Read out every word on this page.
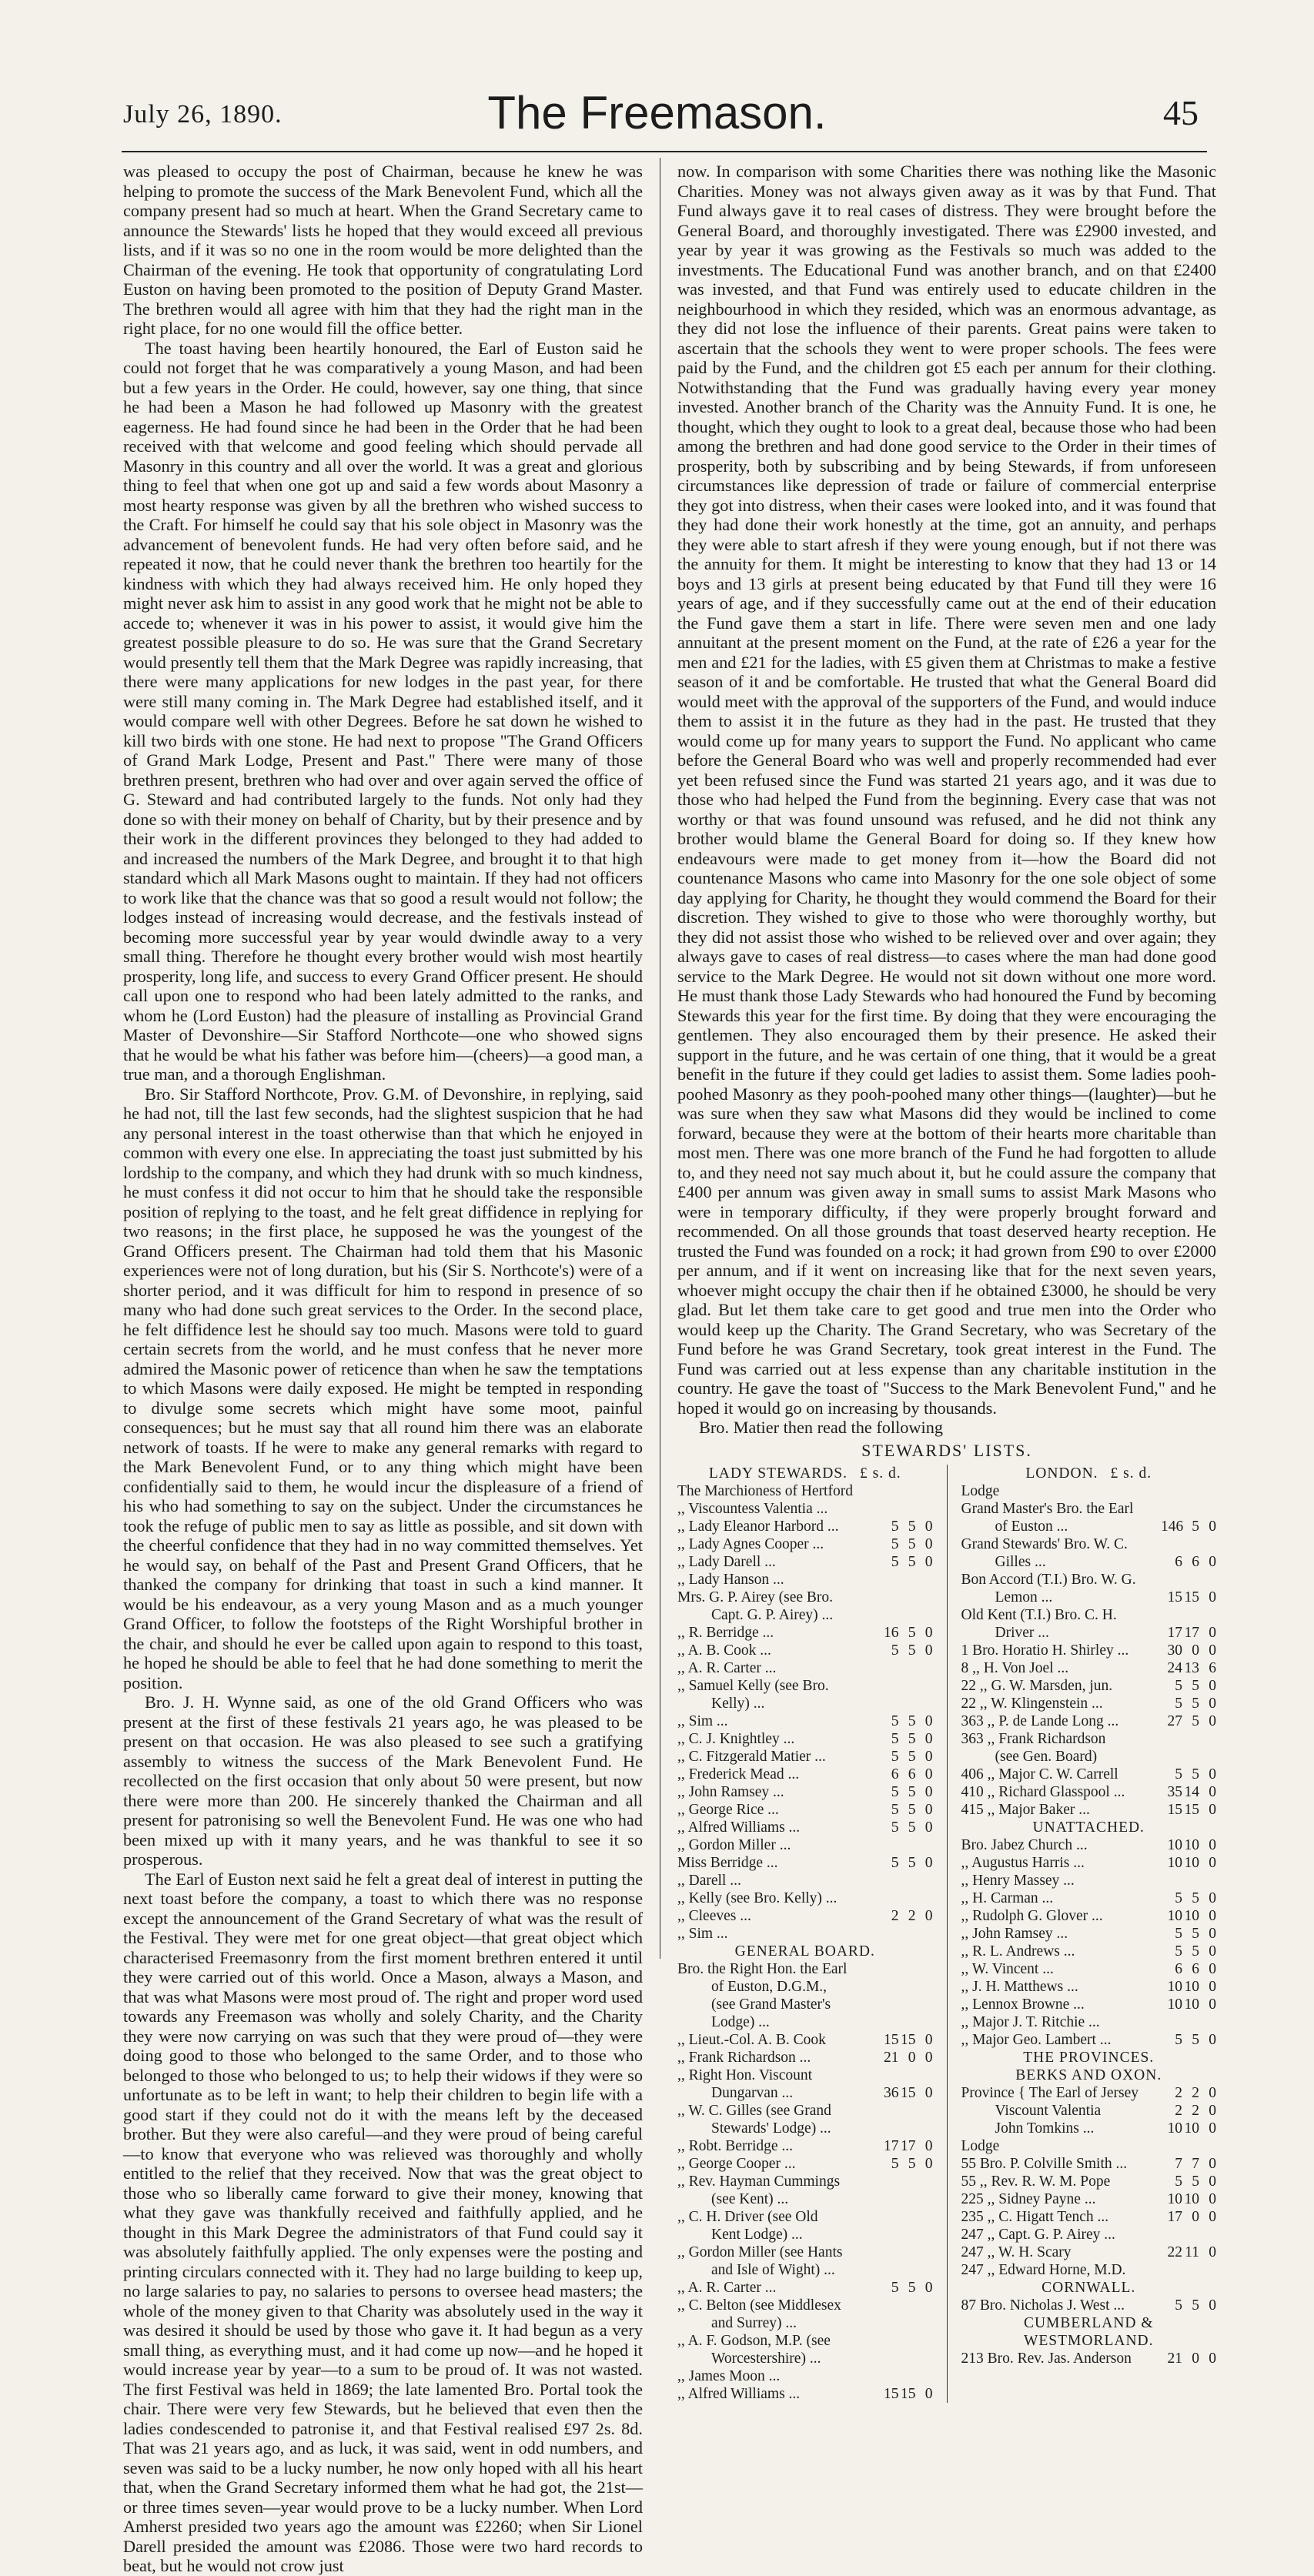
July 26, 1890.	The Freemason.	45

was pleased to occupy the post of Chairman, because he knew he was helping to promote the success of the Mark Benevolent Fund, which all the company present had so much at heart. When the Grand Secretary came to announce the Stewards' lists he hoped that they would exceed all previous lists, and if it was so no one in the room would be more delighted than the Chairman of the evening. He took that opportunity of congratulating Lord Euston on having been promoted to the position of Deputy Grand Master. The brethren would all agree with him that they had the right man in the right place, for no one would fill the office better.

The toast having been heartily honoured, the Earl of Euston said he could not forget that he was comparatively a young Mason, and had been but a few years in the Order. He could, however, say one thing, that since he had been a Mason he had followed up Masonry with the greatest eagerness. He had found since he had been in the Order that he had been received with that welcome and good feeling which should pervade all Masonry in this country and all over the world. It was a great and glorious thing to feel that when one got up and said a few words about Masonry a most hearty response was given by all the brethren who wished success to the Craft. For himself he could say that his sole object in Masonry was the advancement of benevolent funds. He had very often before said, and he repeated it now, that he could never thank the brethren too heartily for the kindness with which they had always received him. He only hoped they might never ask him to assist in any good work that he might not be able to accede to; whenever it was in his power to assist, it would give him the greatest possible pleasure to do so. He was sure that the Grand Secretary would presently tell them that the Mark Degree was rapidly increasing, that there were many applications for new lodges in the past year, for there were still many coming in. The Mark Degree had established itself, and it would compare well with other Degrees. Before he sat down he wished to kill two birds with one stone. He had next to propose "The Grand Officers of Grand Mark Lodge, Present and Past." There were many of those brethren present, brethren who had over and over again served the office of G. Steward and had contributed largely to the funds. Not only had they done so with their money on behalf of Charity, but by their presence and by their work in the different provinces they belonged to they had added to and increased the numbers of the Mark Degree, and brought it to that high standard which all Mark Masons ought to maintain. If they had not officers to work like that the chance was that so good a result would not follow; the lodges instead of increasing would decrease, and the festivals instead of becoming more successful year by year would dwindle away to a very small thing. Therefore he thought every brother would wish most heartily prosperity, long life, and success to every Grand Officer present. He should call upon one to respond who had been lately admitted to the ranks, and whom he (Lord Euston) had the pleasure of installing as Provincial Grand Master of Devonshire—Sir Stafford Northcote—one who showed signs that he would be what his father was before him—(cheers)—a good man, a true man, and a thorough Englishman.

Bro. Sir Stafford Northcote, Prov. G.M. of Devonshire, in replying, said he had not, till the last few seconds, had the slightest suspicion that he had any personal interest in the toast otherwise than that which he enjoyed in common with every one else. In appreciating the toast just submitted by his lordship to the company, and which they had drunk with so much kindness, he must confess it did not occur to him that he should take the responsible position of replying to the toast, and he felt great diffidence in replying for two reasons; in the first place, he supposed he was the youngest of the Grand Officers present. The Chairman had told them that his Masonic experiences were not of long duration, but his (Sir S. Northcote's) were of a shorter period, and it was difficult for him to respond in presence of so many who had done such great services to the Order. In the second place, he felt diffidence lest he should say too much. Masons were told to guard certain secrets from the world, and he must confess that he never more admired the Masonic power of reticence than when he saw the temptations to which Masons were daily exposed. He might be tempted in responding to divulge some secrets which might have some moot, painful consequences; but he must say that all round him there was an elaborate network of toasts. If he were to make any general remarks with regard to the Mark Benevolent Fund, or to any thing which might have been confidentially said to them, he would incur the displeasure of a friend of his who had something to say on the subject. Under the circumstances he took the refuge of public men to say as little as possible, and sit down with the cheerful confidence that they had in no way committed themselves. Yet he would say, on behalf of the Past and Present Grand Officers, that he thanked the company for drinking that toast in such a kind manner. It would be his endeavour, as a very young Mason and as a much younger Grand Officer, to follow the footsteps of the Right Worshipful brother in the chair, and should he ever be called upon again to respond to this toast, he hoped he should be able to feel that he had done something to merit the position.

Bro. J. H. Wynne said, as one of the old Grand Officers who was present at the first of these festivals 21 years ago, he was pleased to be present on that occasion. He was also pleased to see such a gratifying assembly to witness the success of the Mark Benevolent Fund. He recollected on the first occasion that only about 50 were present, but now there were more than 200. He sincerely thanked the Chairman and all present for patronising so well the Benevolent Fund. He was one who had been mixed up with it many years, and he was thankful to see it so prosperous.

The Earl of Euston next said he felt a great deal of interest in putting the next toast before the company, a toast to which there was no response except the announcement of the Grand Secretary of what was the result of the Festival. They were met for one great object—that great object which characterised Freemasonry from the first moment brethren entered it until they were carried out of this world. Once a Mason, always a Mason, and that was what Masons were most proud of. The right and proper word used towards any Freemason was wholly and solely Charity, and the Charity they were now carrying on was such that they were proud of—they were doing good to those who belonged to the same Order, and to those who belonged to those who belonged to us; to help their widows if they were so unfortunate as to be left in want; to help their children to begin life with a good start if they could not do it with the means left by the deceased brother. But they were also careful—and they were proud of being careful—to know that everyone who was relieved was thoroughly and wholly entitled to the relief that they received. Now that was the great object to those who so liberally came forward to give their money, knowing that what they gave was thankfully received and faithfully applied, and he thought in this Mark Degree the administrators of that Fund could say it was absolutely faithfully applied. The only expenses were the posting and printing circulars connected with it. They had no large building to keep up, no large salaries to pay, no salaries to persons to oversee head masters; the whole of the money given to that Charity was absolutely used in the way it was desired it should be used by those who gave it. It had begun as a very small thing, as everything must, and it had come up now—and he hoped it would increase year by year—to a sum to be proud of. It was not wasted. The first Festival was held in 1869; the late lamented Bro. Portal took the chair. There were very few Stewards, but he believed that even then the ladies condescended to patronise it, and that Festival realised £97 2s. 8d. That was 21 years ago, and as luck, it was said, went in odd numbers, and seven was said to be a lucky number, he now only hoped with all his heart that, when the Grand Secretary informed them what he had got, the 21st—or three times seven—year would prove to be a lucky number. When Lord Amherst presided two years ago the amount was £2260; when Sir Lionel Darell presided the amount was £2086. Those were two hard records to beat, but he would not crow just

now. In comparison with some Charities there was nothing like the Masonic Charities. Money was not always given away as it was by that Fund. That Fund always gave it to real cases of distress. They were brought before the General Board, and thoroughly investigated. There was £2900 invested, and year by year it was growing as the Festivals so much was added to the investments. The Educational Fund was another branch, and on that £2400 was invested, and that Fund was entirely used to educate children in the neighbourhood in which they resided, which was an enormous advantage, as they did not lose the influence of their parents. Great pains were taken to ascertain that the schools they went to were proper schools. The fees were paid by the Fund, and the children got £5 each per annum for their clothing. Notwithstanding that the Fund was gradually having every year money invested. Another branch of the Charity was the Annuity Fund. It is one, he thought, which they ought to look to a great deal, because those who had been among the brethren and had done good service to the Order in their times of prosperity, both by subscribing and by being Stewards, if from unforeseen circumstances like depression of trade or failure of commercial enterprise they got into distress, when their cases were looked into, and it was found that they had done their work honestly at the time, got an annuity, and perhaps they were able to start afresh if they were young enough, but if not there was the annuity for them. It might be interesting to know that they had 13 or 14 boys and 13 girls at present being educated by that Fund till they were 16 years of age, and if they successfully came out at the end of their education the Fund gave them a start in life. There were seven men and one lady annuitant at the present moment on the Fund, at the rate of £26 a year for the men and £21 for the ladies, with £5 given them at Christmas to make a festive season of it and be comfortable. He trusted that what the General Board did would meet with the approval of the supporters of the Fund, and would induce them to assist it in the future as they had in the past. He trusted that they would come up for many years to support the Fund. No applicant who came before the General Board who was well and properly recommended had ever yet been refused since the Fund was started 21 years ago, and it was due to those who had helped the Fund from the beginning. Every case that was not worthy or that was found unsound was refused, and he did not think any brother would blame the General Board for doing so. If they knew how endeavours were made to get money from it—how the Board did not countenance Masons who came into Masonry for the one sole object of some day applying for Charity, he thought they would commend the Board for their discretion. They wished to give to those who were thoroughly worthy, but they did not assist those who wished to be relieved over and over again; they always gave to cases of real distress—to cases where the man had done good service to the Mark Degree. He would not sit down without one more word. He must thank those Lady Stewards who had honoured the Fund by becoming Stewards this year for the first time. By doing that they were encouraging the gentlemen. They also encouraged them by their presence. He asked their support in the future, and he was certain of one thing, that it would be a great benefit in the future if they could get ladies to assist them. Some ladies pooh-poohed Masonry as they pooh-poohed many other things—(laughter)—but he was sure when they saw what Masons did they would be inclined to come forward, because they were at the bottom of their hearts more charitable than most men. There was one more branch of the Fund he had forgotten to allude to, and they need not say much about it, but he could assure the company that £400 per annum was given away in small sums to assist Mark Masons who were in temporary difficulty, if they were properly brought forward and recommended. On all those grounds that toast deserved hearty reception. He trusted the Fund was founded on a rock; it had grown from £90 to over £2000 per annum, and if it went on increasing like that for the next seven years, whoever might occupy the chair then if he obtained £3000, he should be very glad. But let them take care to get good and true men into the Order who would keep up the Charity. The Grand Secretary, who was Secretary of the Fund before he was Grand Secretary, took great interest in the Fund. The Fund was carried out at less expense than any charitable institution in the country. He gave the toast of "Success to the Mark Benevolent Fund," and he hoped it would go on increasing by thousands.

Bro. Matier then read the following

STEWARDS' LISTS.
LADY STEWARDS. £ s. d.
The Marchioness of Hertford
,, Viscountess Valentia ...
,, Lady Eleanor Harbord ...	5 5 0
,, Lady Agnes Cooper ...	5 5 0
,, Lady Darell ...	5 5 0
,, Lady Hanson ...
Mrs. G. P. Airey (see Bro.
Capt. G. P. Airey) ...
,, R. Berridge ...	16 5 0
,, A. B. Cook ...	5 5 0
,, A. R. Carter ...
,, Samuel Kelly (see Bro.
Kelly) ...
,, Sim ...	5 5 0
,, C. J. Knightley ...	5 5 0
,, C. Fitzgerald Matier ...	5 5 0
,, Frederick Mead ...	6 6 0
,, John Ramsey ...	5 5 0
,, George Rice ...	5 5 0
,, Alfred Williams ...	5 5 0
,, Gordon Miller ...
Miss Berridge ...	5 5 0
,, Darell ...
,, Kelly (see Bro. Kelly) ...
,, Cleeves ...	2 2 0
,, Sim ...
GENERAL BOARD.
Bro. the Right Hon. the Earl
of Euston, D.G.M.,
(see Grand Master's
Lodge) ...
,, Lieut.-Col. A. B. Cook	15 15 0
,, Frank Richardson ...	21 0 0
,, Right Hon. Viscount
Dungarvan ...	36 15 0
,, W. C. Gilles (see Grand
Stewards' Lodge) ...
,, Robt. Berridge ...	17 17 0
,, George Cooper ...	5 5 0
,, Rev. Hayman Cummings
(see Kent) ...
,, C. H. Driver (see Old
Kent Lodge) ...
,, Gordon Miller (see Hants
and Isle of Wight) ...
,, A. R. Carter ...	5 5 0
,, C. Belton (see Middlesex
and Surrey) ...
,, A. F. Godson, M.P. (see
Worcestershire) ...
,, James Moon ...
,, Alfred Williams ...	15 15 0
LONDON. £ s. d.
Lodge
Grand Master's Bro. the Earl
of Euston ...	146 5 0
Grand Stewards' Bro. W. C.
Gilles ...	6 6 0
Bon Accord (T.I.) Bro. W. G.
Lemon ...	15 15 0
Old Kent (T.I.) Bro. C. H.
Driver ...	17 17 0
1 Bro. Horatio H. Shirley ...	30 0 0
8 ,, H. Von Joel ...	24 13 6
22 ,, G. W. Marsden, jun.	5 5 0
22 ,, W. Klingenstein ...	5 5 0
363 ,, P. de Lande Long ...	27 5 0
363 ,, Frank Richardson
(see Gen. Board)
406 ,, Major C. W. Carrell	5 5 0
410 ,, Richard Glasspool ...	35 14 0
415 ,, Major Baker ...	15 15 0
UNATTACHED.
Bro. Jabez Church ...	10 10 0
,, Augustus Harris ...	10 10 0
,, Henry Massey ...
,, H. Carman ...	5 5 0
,, Rudolph G. Glover ...	10 10 0
,, John Ramsey ...	5 5 0
,, R. L. Andrews ...	5 5 0
,, W. Vincent ...	6 6 0
,, J. H. Matthews ...	10 10 0
,, Lennox Browne ...	10 10 0
,, Major J. T. Ritchie ...
,, Major Geo. Lambert ...	5 5 0
THE PROVINCES.
BERKS AND OXON.
Province { The Earl of Jersey	2 2 0
Viscount Valentia	2 2 0
John Tomkins ...	10 10 0
Lodge
55 Bro. P. Colville Smith ...	7 7 0
55 ,, Rev. R. W. M. Pope	5 5 0
225 ,, Sidney Payne ...	10 10 0
235 ,, C. Higatt Tench ...	17 0 0
247 ,, Capt. G. P. Airey ...
247 ,, W. H. Scary	22 11 0
247 ,, Edward Horne, M.D.
CORNWALL.
87 Bro. Nicholas J. West ...	5 5 0
CUMBERLAND & WESTMORLAND.
213 Bro. Rev. Jas. Anderson	21 0 0
